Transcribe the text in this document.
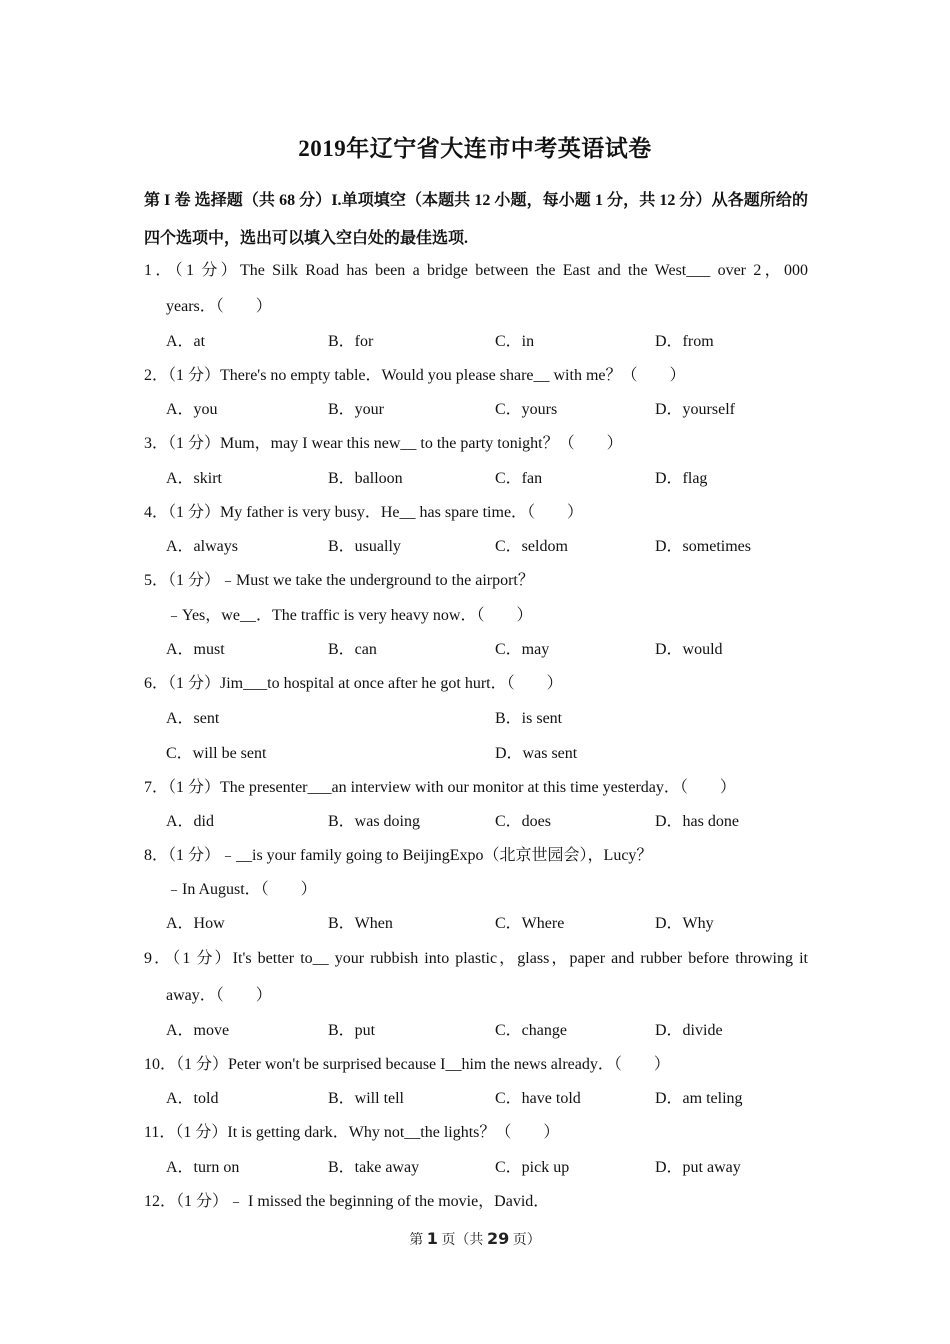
2019年辽宁省大连市中考英语试卷
第 I 卷 选择题（共 68 分）I.单项填空（本题共 12 小题，每小题 1 分，共 12 分）从各题所给的四个选项中，选出可以填入空白处的最佳选项.
1．（1 分）The Silk Road has been a bridge between the East and the West___ over 2，000
years．（　　）
A．at	B．for	C．in	D．from
2．（1 分）There's no empty table．Would you please share__ with me？（　　）
A．you	B．your	C．yours	D．yourself
3．（1 分）Mum，may I wear this new__ to the party tonight？（　　）
A．skirt	B．balloon	C．fan	D．flag
4．（1 分）My father is very busy．He__ has spare time．（　　）
A．always	B．usually	C．seldom	D．sometimes
5．（1 分）﹣Must we take the underground to the airport？
﹣Yes，we__．The traffic is very heavy now．（　　）
A．must	B．can	C．may	D．would
6．（1 分）Jim___to hospital at once after he got hurt．（　　）
A．sent	B．is sent
C．will be sent	D．was sent
7．（1 分）The presenter___an interview with our monitor at this time yesterday．（　　）
A．did	B．was doing	C．does	D．has done
8．（1 分）﹣__is your family going to BeijingExpo（北京世园会），Lucy？
﹣In August．（　　）
A．How	B．When	C．Where	D．Why
9．（1 分）It's better to__ your rubbish into plastic，glass，paper and rubber before throwing it
away．（　　）
A．move	B．put	C．change	D．divide
10．（1 分）Peter won't be surprised because I__him the news already．（　　）
A．told	B．will tell	C．have told	D．am teling
11．（1 分）It is getting dark．Why not__the lights？（　　）
A．turn on	B．take away	C．pick up	D．put away
12．（1 分）﹣ I missed the beginning of the movie，David．
第 1 页（共 29 页）
